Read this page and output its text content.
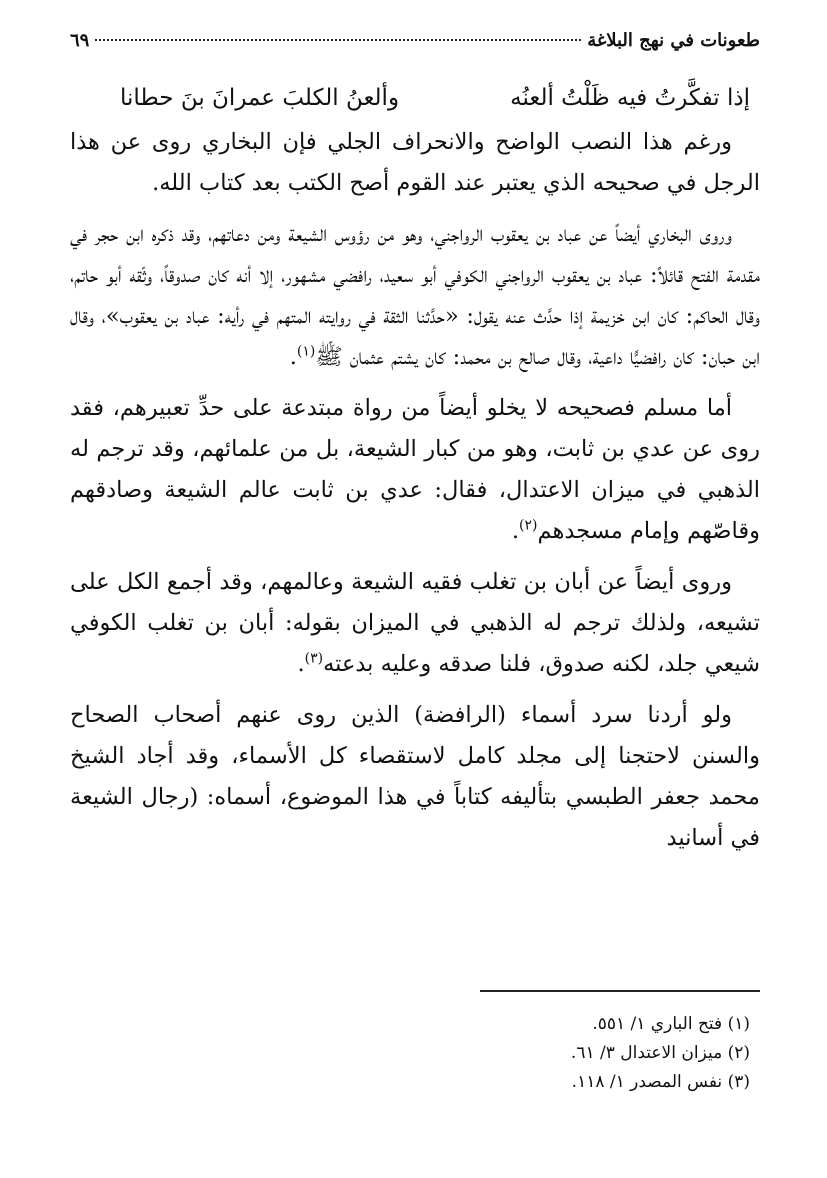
طعونات في نهج البلاغة
٦٩
إذا تفكَّرتُ فيه ظَلْتُ ألعنُه
وألعنُ الكلبَ عمرانَ بنَ حطانا

ورغم هذا النصب الواضح والانحراف الجلي فإن البخاري روى عن هذا الرجل في صحيحه الذي يعتبر عند القوم أصح الكتب بعد كتاب الله.

وروى البخاري أيضاً عن عباد بن يعقوب الرواجني، وهو من رؤوس الشيعة ومن دعاتهم، وقد ذكره ابن حجر في مقدمة الفتح قائلاً: عباد بن يعقوب الرواجني الكوفي أبو سعيد، رافضي مشهور، إلا أنه كان صدوقاً، وثّقه أبو حاتم، وقال الحاكم: كان ابن خزيمة إذا حدَّث عنه يقول: «حدَّثنا الثقة في روايته المتهم في رأيه: عباد بن يعقوب»، وقال ابن حبان: كان رافضيًّا داعية، وقال صالح بن محمد: كان يشتم عثمان ﷺ$^{(١)}$.

أما مسلم فصحيحه لا يخلو أيضاً من رواة مبتدعة على حدِّ تعبيرهم، فقد روى عن عدي بن ثابت، وهو من كبار الشيعة، بل من علمائهم، وقد ترجم له الذهبي في ميزان الاعتدال، فقال: عدي بن ثابت عالم الشيعة وصادقهم وقاصّهم وإمام مسجدهم$^{(٢)}$.

وروى أيضاً عن أبان بن تغلب فقيه الشيعة وعالمهم، وقد أجمع الكل على تشيعه، ولذلك ترجم له الذهبي في الميزان بقوله: أبان بن تغلب الكوفي شيعي جلد، لكنه صدوق، فلنا صدقه وعليه بدعته$^{(٣)}$.

ولو أردنا سرد أسماء (الرافضة) الذين روى عنهم أصحاب الصحاح والسنن لاحتجنا إلى مجلد كامل لاستقصاء كل الأسماء، وقد أجاد الشيخ محمد جعفر الطبسي بتأليفه كتاباً في هذا الموضوع، أسماه: (رجال الشيعة في أسانيد

(١) فتح الباري ١/ ٥٥١.
(٢) ميزان الاعتدال ٣/ ٦١.
(٣) نفس المصدر ١/ ١١٨.
